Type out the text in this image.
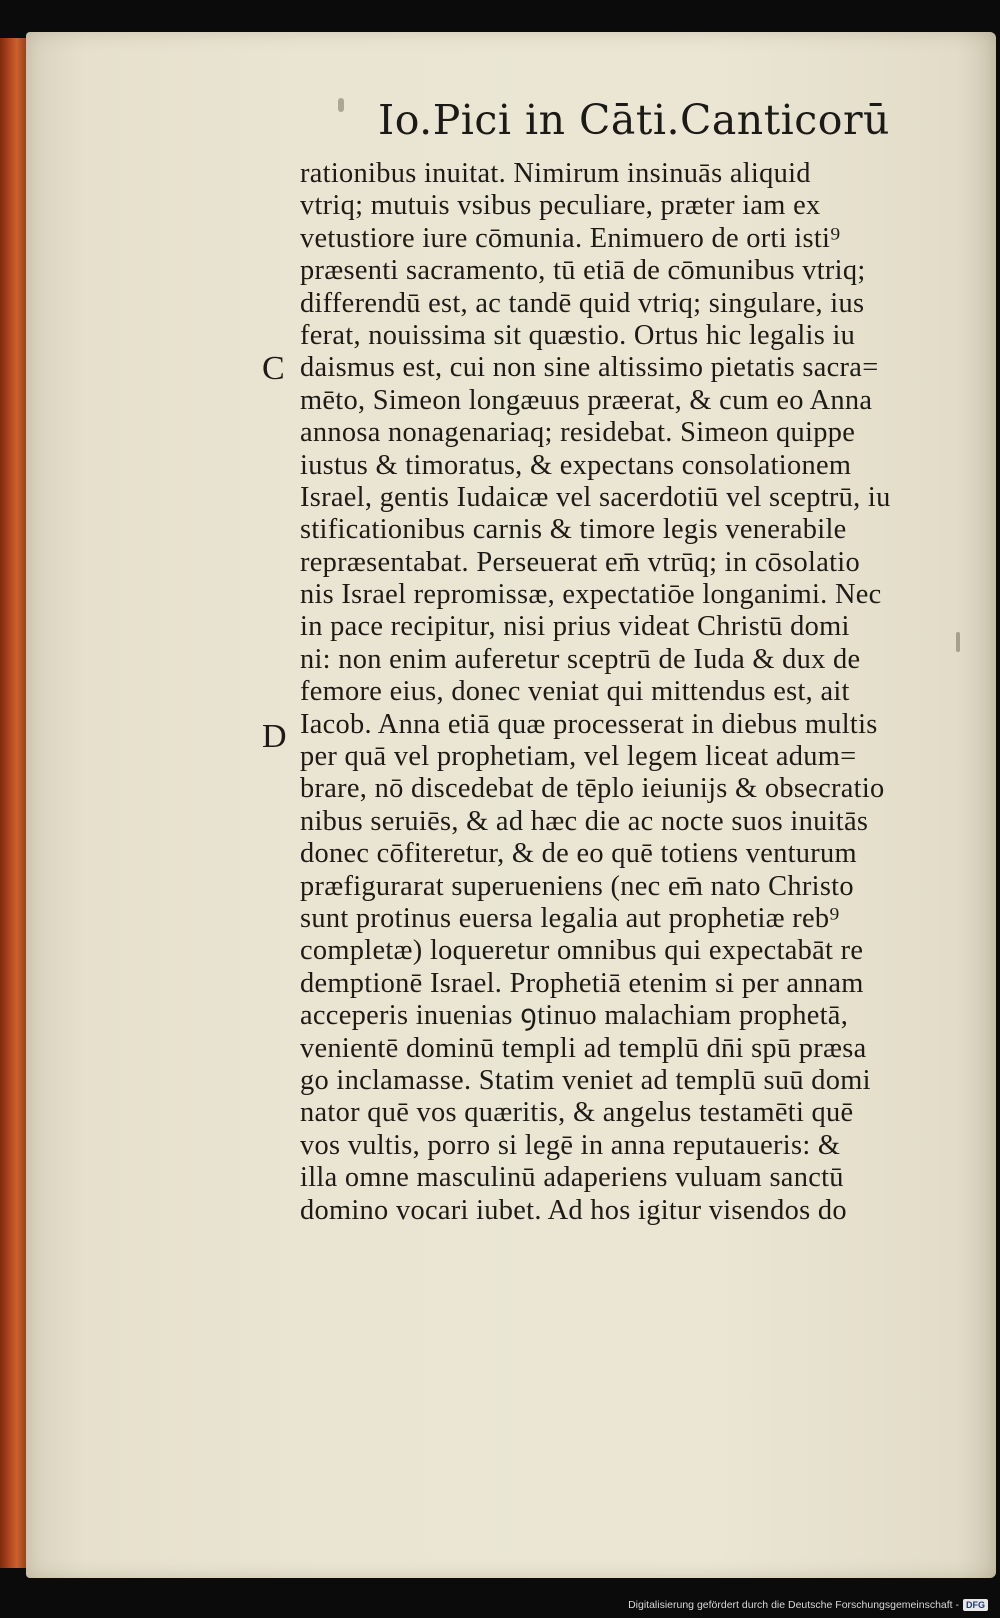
Io.Pici in Cāti.Canticorū
C
D
rationibus inuitat. Nimirum insinuās aliquid
vtriq; mutuis vsibus peculiare, prӕter iam ex
vetustiore iure cōmunia. Enimuero de orti isti⁹
prӕsenti sacramento, tū etiā de cōmunibus vtriq;
differendū est, ac tandē quid vtriq; singulare, ius
ferat, nouissima sit quӕstio. Ortus hic legalis iu
daismus est, cui non sine altissimo pietatis sacra=
mēto, Simeon longӕuus prӕerat, & cum eo Anna
annosa nonagenariaq; residebat. Simeon quippe
iustus & timoratus, & expectans consolationem
Israel, gentis Iudaicӕ vel sacerdotiū vel sceptrū, iu
stificationibus carnis & timore legis venerabile
reprӕsentabat. Perseuerat em̄ vtrūq; in cōsolatio
nis Israel repromissӕ, expectatiōe longanimi. Nec
in pace recipitur, nisi prius videat Christū domi
ni: non enim auferetur sceptrū de Iuda & dux de
femore eius, donec veniat qui mittendus est, ait
Iacob. Anna etiā quӕ processerat in diebus multis
per quā vel prophetiam, vel legem liceat adum=
brare, nō discedebat de tēplo ieiunijs & obsecratio
nibus seruiēs, & ad hӕc die ac nocte suos inuitās
donec cōfiteretur, & de eo quē totiens venturum
prӕfigurarat superueniens (nec em̄ nato Christo
sunt protinus euersa legalia aut prophetiӕ reb⁹
completӕ) loqueretur omnibus qui expectabāt re
demptionē Israel. Prophetiā etenim si per annam
acceperis inuenias ꝯtinuo malachiam prophetā,
venientē dominū templi ad templū dn̄i spū prӕsa
go inclamasse. Statim veniet ad templū suū domi
nator quē vos quӕritis, & angelus testamēti quē
vos vultis, porro si legē in anna reputaueris: &
illa omne masculinū adaperiens vuluam sanctū
domino vocari iubet. Ad hos igitur visendos do
Digitalisierung gefördert durch die Deutsche Forschungsgemeinschaft - DFG
